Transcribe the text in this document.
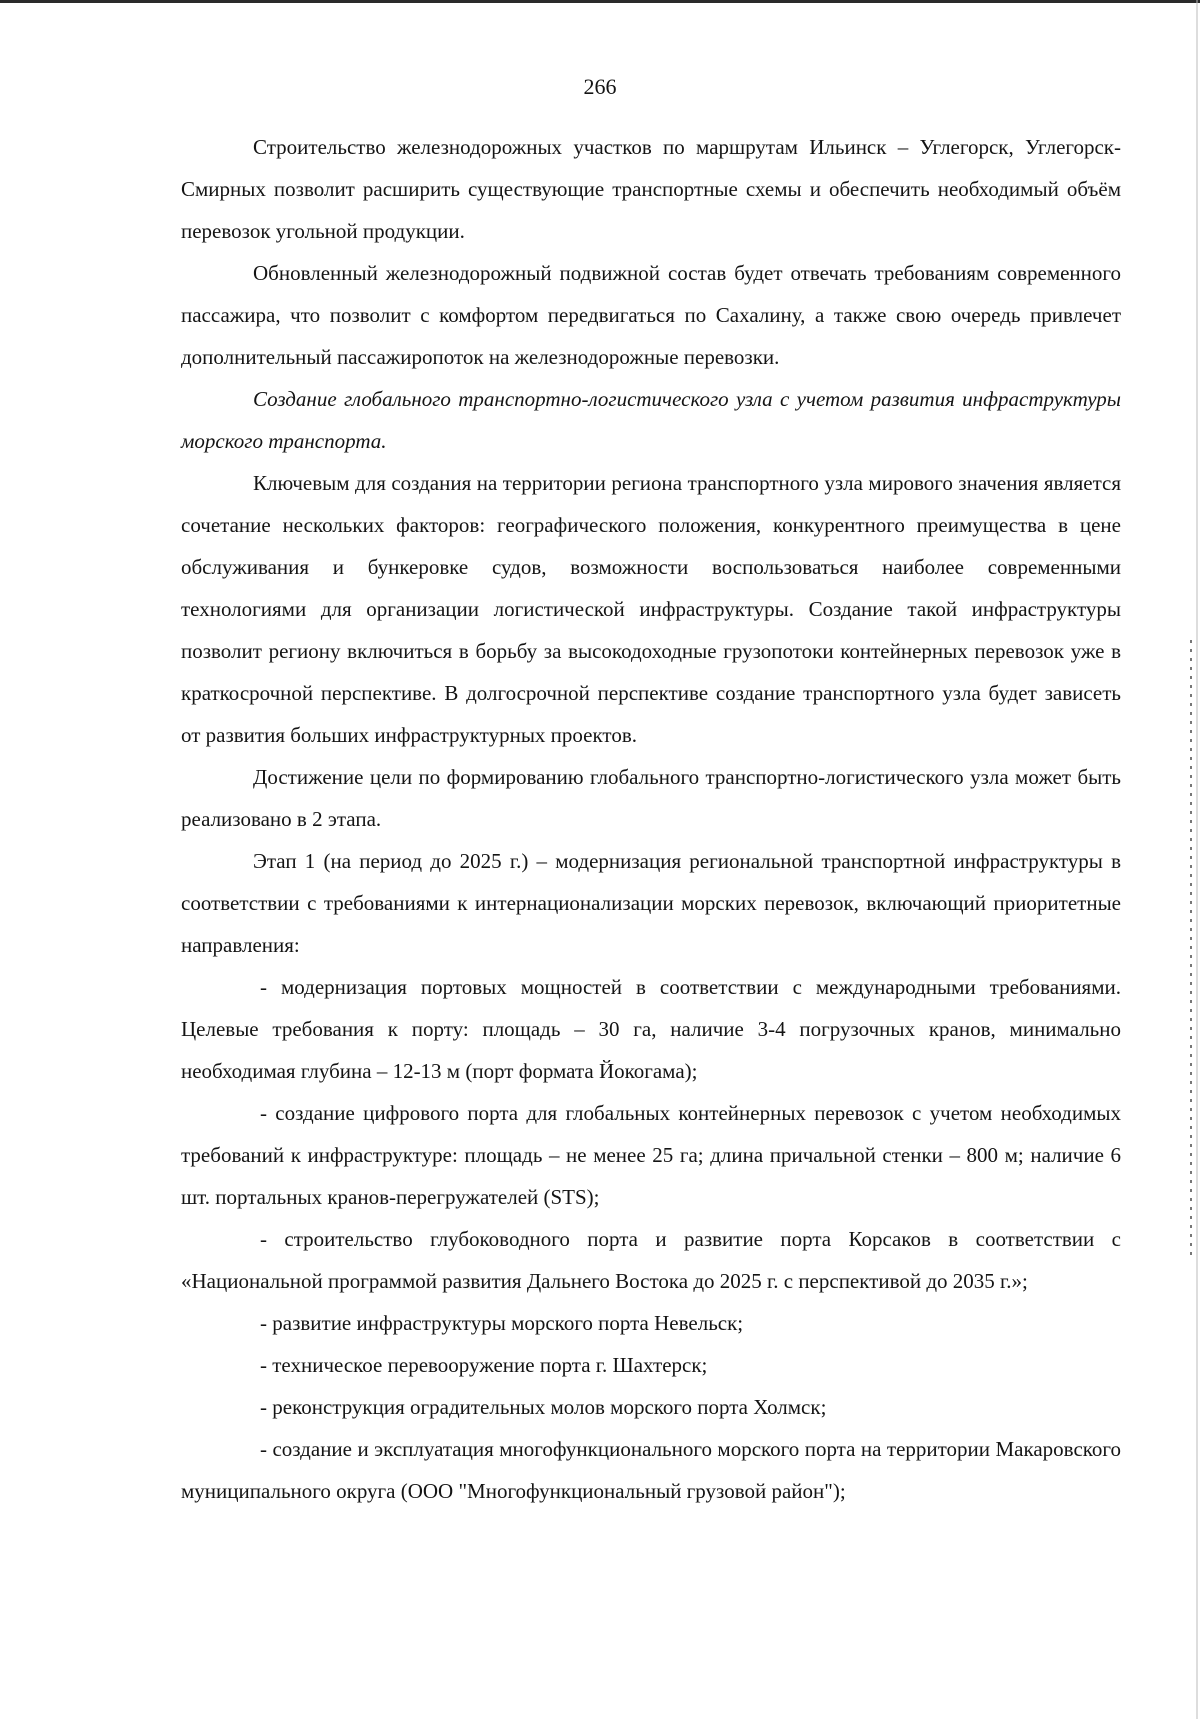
266

Строительство железнодорожных участков по маршрутам Ильинск – Углегорск, Углегорск-Смирных позволит расширить существующие транспортные схемы и обеспечить необходимый объём перевозок угольной продукции.

Обновленный железнодорожный подвижной состав будет отвечать требованиям современного пассажира, что позволит с комфортом передвигаться по Сахалину, а также свою очередь привлечет дополнительный пассажиропоток на железнодорожные перевозки.

Создание глобального транспортно-логистического узла с учетом развития инфраструктуры морского транспорта.

Ключевым для создания на территории региона транспортного узла мирового значения является сочетание нескольких факторов: географического положения, конкурентного преимущества в цене обслуживания и бункеровке судов, возможности воспользоваться наиболее современными технологиями для организации логистической инфраструктуры. Создание такой инфраструктуры позволит региону включиться в борьбу за высокодоходные грузопотоки контейнерных перевозок уже в краткосрочной перспективе. В долгосрочной перспективе создание транспортного узла будет зависеть от развития больших инфраструктурных проектов.

Достижение цели по формированию глобального транспортно-логистического узла может быть реализовано в 2 этапа.

Этап 1 (на период до 2025 г.) – модернизация региональной транспортной инфраструктуры в соответствии с требованиями к интернационализации морских перевозок, включающий приоритетные направления:

- модернизация портовых мощностей в соответствии с международными требованиями. Целевые требования к порту: площадь – 30 га, наличие 3-4 погрузочных кранов, минимально необходимая глубина – 12-13 м (порт формата Йокогама);

- создание цифрового порта для глобальных контейнерных перевозок с учетом необходимых требований к инфраструктуре: площадь – не менее 25 га; длина причальной стенки – 800 м; наличие 6 шт. портальных кранов-перегружателей (STS);

- строительство глубоководного порта и развитие порта Корсаков в соответствии с «Национальной программой развития Дальнего Востока до 2025 г. с перспективой до 2035 г.»;

- развитие инфраструктуры морского порта Невельск;

- техническое перевооружение порта г. Шахтерск;

- реконструкция оградительных молов морского порта Холмск;

- создание и эксплуатация многофункционального морского порта на территории Макаровского муниципального округа (ООО "Многофункциональный грузовой район");
